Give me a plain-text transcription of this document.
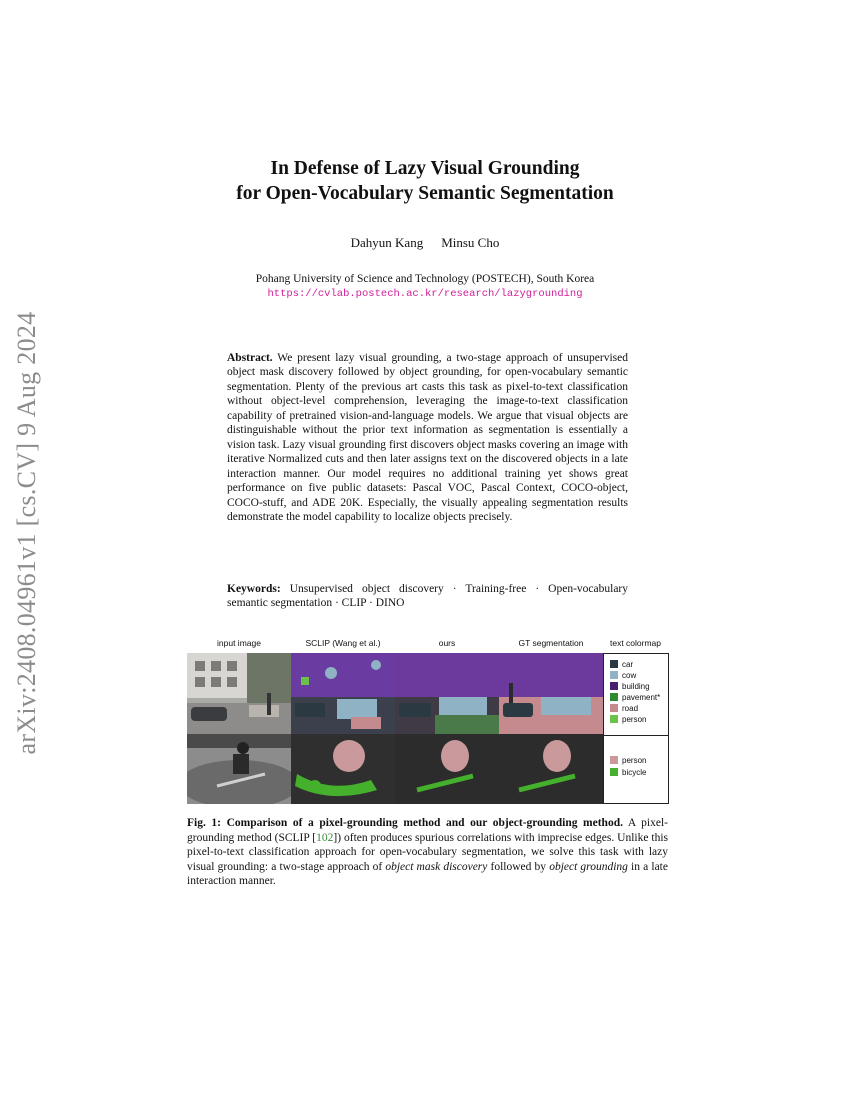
arXiv:2408.04961v1 [cs.CV] 9 Aug 2024
In Defense of Lazy Visual Grounding
for Open-Vocabulary Semantic Segmentation
Dahyun Kang Minsu Cho
Pohang University of Science and Technology (POSTECH), South Korea
https://cvlab.postech.ac.kr/research/lazygrounding
Abstract. We present lazy visual grounding, a two-stage approach of unsupervised object mask discovery followed by object grounding, for open-vocabulary semantic segmentation. Plenty of the previous art casts this task as pixel-to-text classification without object-level comprehension, leveraging the image-to-text classification capability of pretrained vision-and-language models. We argue that visual objects are distinguishable without the prior text information as segmentation is essentially a vision task. Lazy visual grounding first discovers object masks covering an image with iterative Normalized cuts and then later assigns text on the discovered objects in a late interaction manner. Our model requires no additional training yet shows great performance on five public datasets: Pascal VOC, Pascal Context, COCO-object, COCO-stuff, and ADE 20K. Especially, the visually appealing segmentation results demonstrate the model capability to localize objects precisely.
Keywords: Unsupervised object discovery · Training-free · Open-vocabulary semantic segmentation · CLIP · DINO
input image	SCLIP (Wang et al.)	ours	GT segmentation	text colormap
car
cow
building
pavement*
road
person
person
bicycle
Fig. 1: Comparison of a pixel-grounding method and our object-grounding method. A pixel-grounding method (SCLIP [102]) often produces spurious correlations with imprecise edges. Unlike this pixel-to-text classification approach for open-vocabulary segmentation, we solve this task with lazy visual grounding: a two-stage approach of object mask discovery followed by object grounding in a late interaction manner.
